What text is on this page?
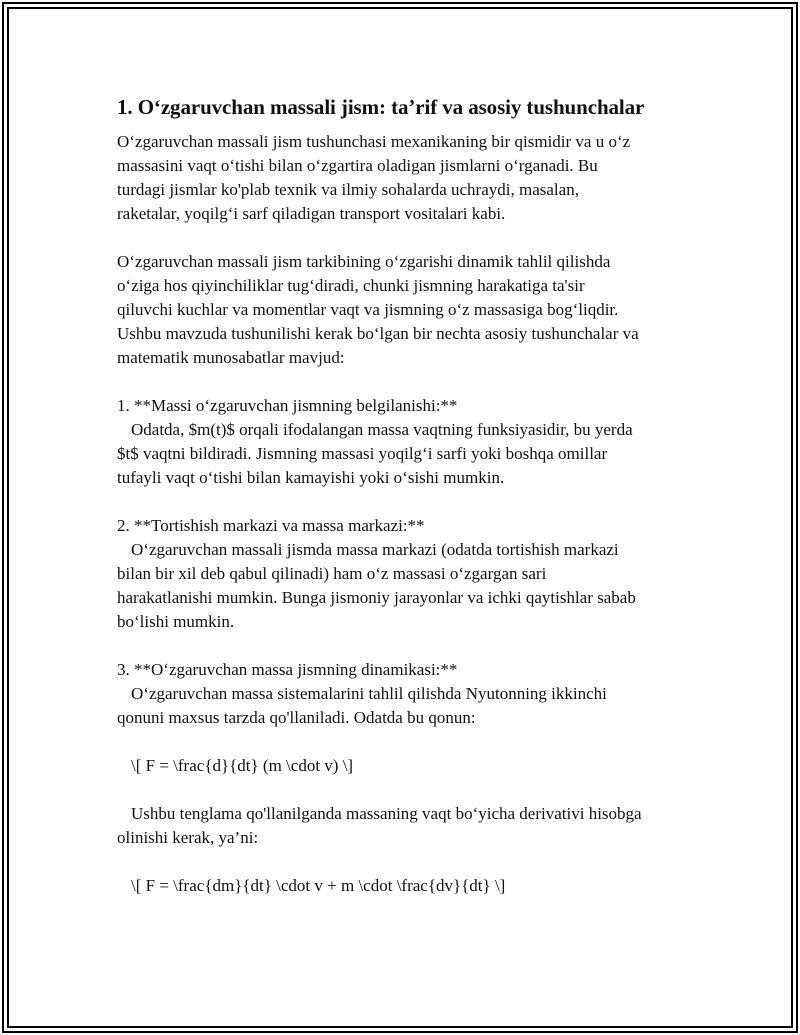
1. O‘zgaruvchan massali jism: ta’rif va asosiy tushunchalar

O‘zgaruvchan massali jism tushunchasi mexanikaning bir qismidir va u o‘z

massasini vaqt o‘tishi bilan o‘zgartira oladigan jismlarni o‘rganadi. Bu

turdagi jismlar ko'plab texnik va ilmiy sohalarda uchraydi, masalan,

raketalar, yoqilg‘i sarf qiladigan transport vositalari kabi.

O‘zgaruvchan massali jism tarkibining o‘zgarishi dinamik tahlil qilishda

o‘ziga hos qiyinchiliklar tug‘diradi, chunki jismning harakatiga ta'sir

qiluvchi kuchlar va momentlar vaqt va jismning o‘z massasiga bog‘liqdir.

Ushbu mavzuda tushunilishi kerak bo‘lgan bir nechta asosiy tushunchalar va

matematik munosabatlar mavjud:

1. **Massi o‘zgaruvchan jismning belgilanishi:**

Odatda, $m(t)$ orqali ifodalangan massa vaqtning funksiyasidir, bu yerda

$t$ vaqtni bildiradi. Jismning massasi yoqilg‘i sarfi yoki boshqa omillar

tufayli vaqt o‘tishi bilan kamayishi yoki o‘sishi mumkin.

2. **Tortishish markazi va massa markazi:**

O‘zgaruvchan massali jismda massa markazi (odatda tortishish markazi

bilan bir xil deb qabul qilinadi) ham o‘z massasi o‘zgargan sari

harakatlanishi mumkin. Bunga jismoniy jarayonlar va ichki qaytishlar sabab

bo‘lishi mumkin.

3. **O‘zgaruvchan massa jismning dinamikasi:**

O‘zgaruvchan massa sistemalarini tahlil qilishda Nyutonning ikkinchi

qonuni maxsus tarzda qo'llaniladi. Odatda bu qonun:

\[ F = \frac{d}{dt} (m \cdot v) \]

Ushbu tenglama qo'llanilganda massaning vaqt bo‘yicha derivativi hisobga

olinishi kerak, ya’ni:

\[ F = \frac{dm}{dt} \cdot v + m \cdot \frac{dv}{dt} \]
